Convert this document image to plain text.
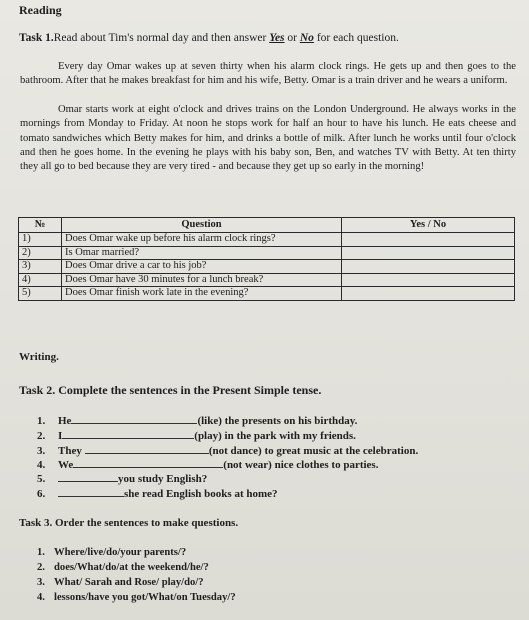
Reading
Task 1.Read about Tim's normal day and then answer Yes or No for each question.

Every day Omar wakes up at seven thirty when his alarm clock rings. He gets up and then goes to the bathroom. After that he makes breakfast for him and his wife, Betty. Omar is a train driver and he wears a uniform.

Omar starts work at eight o'clock and drives trains on the London Underground. He always works in the mornings from Monday to Friday. At noon he stops work for half an hour to have his lunch. He eats cheese and tomato sandwiches which Betty makes for him, and drinks a bottle of milk. After lunch he works until four o'clock and then he goes home. In the evening he plays with his baby son, Ben, and watches TV with Betty. At ten thirty they all go to bed because they are very tired - and because they get up so early in the morning!

№	Question	Yes / No
1)	Does Omar wake up before his alarm clock rings?	
2)	Is Omar married?	
3)	Does Omar drive a car to his job?	
4)	Does Omar have 30 minutes for a lunch break?	
5)	Does Omar finish work late in the evening?	
Writing.
Task 2. Complete the sentences in the Present Simple tense.
1. He	(like) the presents on his birthday.
2. I	(play) in the park with my friends.
3. They	(not dance) to great music at the celebration.
4. We	(not wear) nice clothes to parties.
5.	you study English?
6.	she read English books at home?
Task 3. Order the sentences to make questions.
1. Where/live/do/your parents/?
2. does/What/do/at the weekend/he/?
3. What/ Sarah and Rose/ play/do/?
4. lessons/have you got/What/on Tuesday/?
